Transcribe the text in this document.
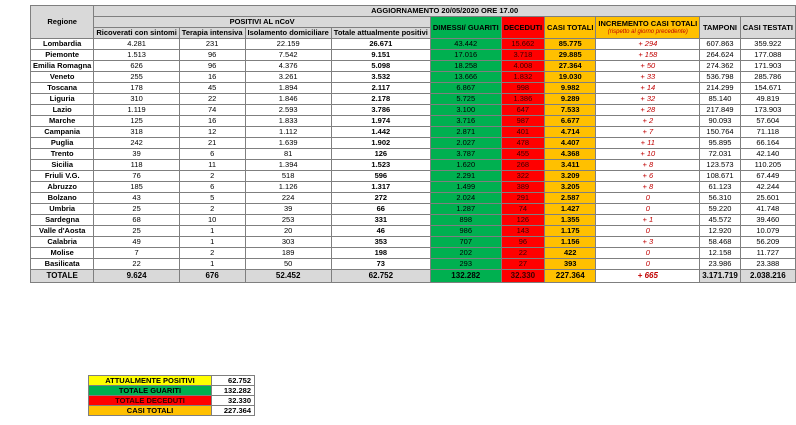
Regione	AGGIORNAMENTO 20/05/2020 ORE 17.00									
	POSITIVI AL nCoV				DIMESSI/ GUARITI	DECEDUTI	CASI TOTALI	INCREMENTO CASI TOTALI
(rispetto al giorno precedente)	TAMPONI	CASI TESTATI
	Ricoverati con sintomi	Terapia intensiva	Isolamento domiciliare	Totale attualmente positivi						
Lombardia	4.281	231	22.159	26.671	43.442	15.662	85.775	+ 294	607.863	359.922
Piemonte	1.513	96	7.542	9.151	17.016	3.718	29.885	+ 158	264.624	177.088
Emilia Romagna	626	96	4.376	5.098	18.258	4.008	27.364	+ 50	274.362	171.903
Veneto	255	16	3.261	3.532	13.666	1.832	19.030	+ 33	536.798	285.786
Toscana	178	45	1.894	2.117	6.867	998	9.982	+ 14	214.299	154.671
Liguria	310	22	1.846	2.178	5.725	1.386	9.289	+ 32	85.140	49.819
Lazio	1.119	74	2.593	3.786	3.100	647	7.533	+ 28	217.849	173.903
Marche	125	16	1.833	1.974	3.716	987	6.677	+ 2	90.093	57.604
Campania	318	12	1.112	1.442	2.871	401	4.714	+ 7	150.764	71.118
Puglia	242	21	1.639	1.902	2.027	478	4.407	+ 11	95.895	66.164
Trento	39	6	81	126	3.787	455	4.368	+ 10	72.031	42.140
Sicilia	118	11	1.394	1.523	1.620	268	3.411	+ 8	123.573	110.205
Friuli V.G.	76	2	518	596	2.291	322	3.209	+ 6	108.671	67.449
Abruzzo	185	6	1.126	1.317	1.499	389	3.205	+ 8	61.123	42.244
Bolzano	43	5	224	272	2.024	291	2.587	0	56.310	25.601
Umbria	25	2	39	66	1.287	74	1.427	0	59.220	41.748
Sardegna	68	10	253	331	898	126	1.355	+ 1	45.572	39.460
Valle d'Aosta	25	1	20	46	986	143	1.175	0	12.920	10.079
Calabria	49	1	303	353	707	96	1.156	+ 3	58.468	56.209
Molise	7	2	189	198	202	22	422	0	12.158	11.727
Basilicata	22	1	50	73	293	27	393	0	23.986	23.388
TOTALE	9.624	676	52.452	62.752	132.282	32.330	227.364	+ 665	3.171.719	2.038.216
ATTUALMENTE POSITIVI	62.752
TOTALE GUARITI	132.282
TOTALE DECEDUTI	32.330
CASI TOTALI	227.364
